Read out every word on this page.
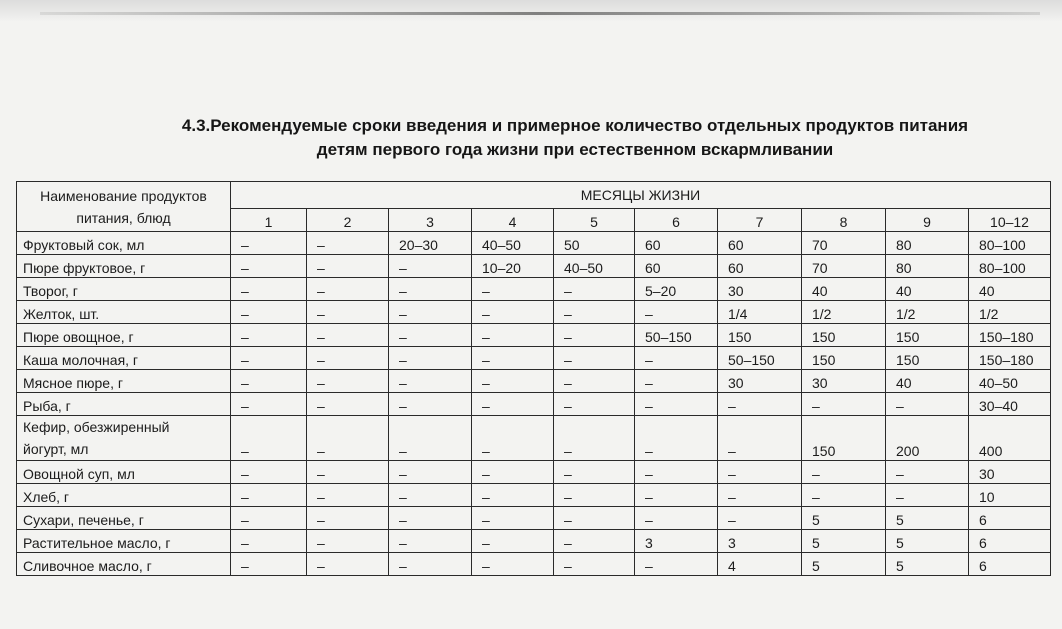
4.3.Рекомендуемые сроки введения и примерное количество отдельных продуктов питания
детям первого года жизни при естественном вскармливании
Наименование продуктов
питания, блюд	МЕСЯЦЫ ЖИЗНИ									
	1	2	3	4	5	6	7	8	9	10–12
Фруктовый сок, мл	–	–	20–30	40–50	50	60	60	70	80	80–100
Пюре фруктовое, г	–	–	–	10–20	40–50	60	60	70	80	80–100
Творог, г	–	–	–	–	–	5–20	30	40	40	40
Желток, шт.	–	–	–	–	–	–	1/4	1/2	1/2	1/2
Пюре овощное, г	–	–	–	–	–	50–150	150	150	150	150–180
Каша молочная, г	–	–	–	–	–	–	50–150	150	150	150–180
Мясное пюре, г	–	–	–	–	–	–	30	30	40	40–50
Рыба, г	–	–	–	–	–	–	–	–	–	30–40

Кефир, обезжиренный
йогурт, мл	–	–	–	–	–	–	–	150	200	400
Овощной суп, мл	–	–	–	–	–	–	–	–	–	30
Хлеб, г	–	–	–	–	–	–	–	–	–	10
Сухари, печенье, г	–	–	–	–	–	–	–	5	5	6
Растительное масло, г	–	–	–	–	–	3	3	5	5	6
Сливочное масло, г	–	–	–	–	–	–	4	5	5	6
